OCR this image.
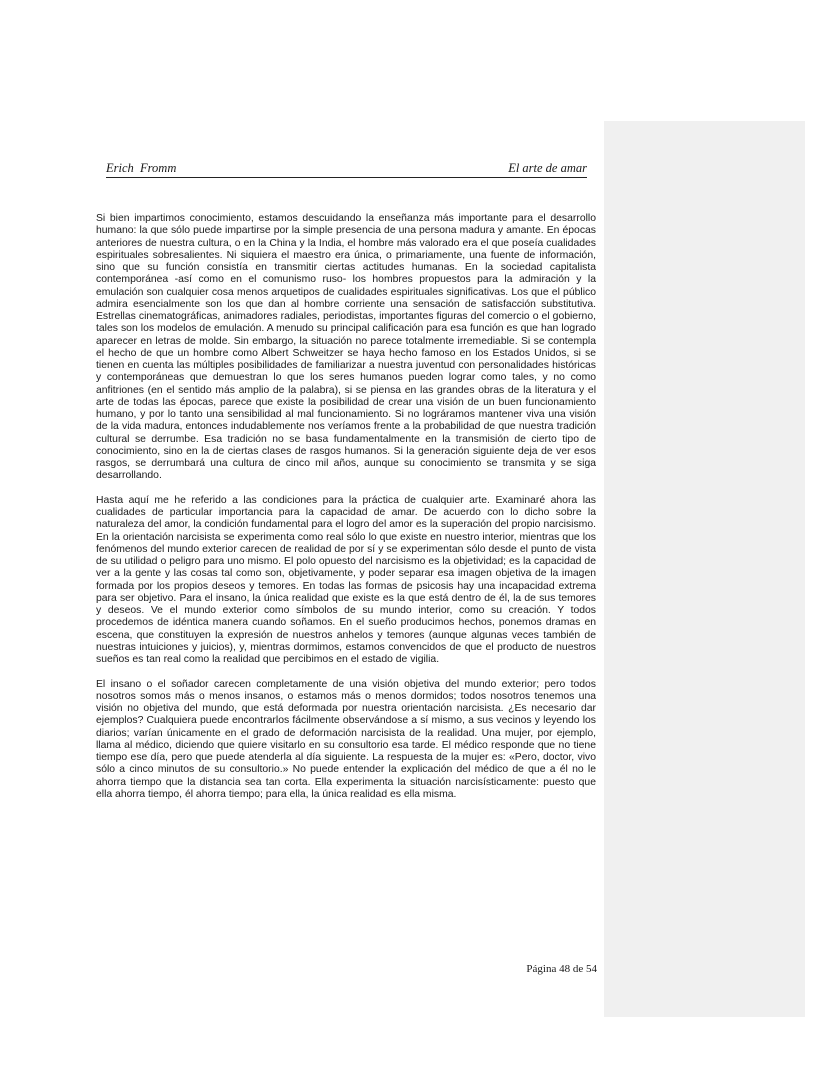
Erich  Fromm	El arte de amar

Si bien impartimos conocimiento, estamos descuidando la enseñanza más importante para el desarrollo humano: la que sólo puede impartirse por la simple presencia de una persona madura y amante. En épocas anteriores de nuestra cultura, o en la China y la India, el hombre más valorado era el que poseía cualidades espirituales sobresalientes. Ni siquiera el maestro era única, o primariamente, una fuente de información, sino que su función consistía en transmitir ciertas actitudes humanas. En la sociedad capitalista contemporánea -así como en el comunismo ruso- los hombres propuestos para la admiración y la emulación son cualquier cosa menos arquetipos de cualidades espirituales significativas. Los que el público admira esencialmente son los que dan al hombre corriente una sensación de satisfacción substitutiva. Estrellas cinematográficas, animadores radiales, periodistas, importantes figuras del comercio o el gobierno, tales son los modelos de emulación. A menudo su principal calificación para esa función es que han logrado aparecer en letras de molde. Sin embargo, la situación no parece totalmente irremediable. Si se contempla el hecho de que un hombre como Albert Schweitzer se haya hecho famoso en los Estados Unidos, si se tienen en cuenta las múltiples posibilidades de familiarizar a nuestra juventud con personalidades históricas y contemporáneas que demuestran lo que los seres humanos pueden lograr como tales, y no como anfitriones (en el sentido más amplio de la palabra), si se piensa en las grandes obras de la literatura y el arte de todas las épocas, parece que existe la posibilidad de crear una visión de un buen funcionamiento humano, y por lo tanto una sensibilidad al mal funcionamiento. Si no lográramos mantener viva una visión de la vida madura, entonces indudablemente nos veríamos frente a la probabilidad de que nuestra tradición cultural se derrumbe. Esa tradición no se basa fundamentalmente en la transmisión de cierto tipo de conocimiento, sino en la de ciertas clases de rasgos humanos. Si la generación siguiente deja de ver esos rasgos, se derrumbará una cultura de cinco mil años, aunque su conocimiento se transmita y se siga desarrollando.

Hasta aquí me he referido a las condiciones para la práctica de cualquier arte. Examinaré ahora las cualidades de particular importancia para la capacidad de amar. De acuerdo con lo dicho sobre la naturaleza del amor, la condición fundamental para el logro del amor es la superación del propio narcisismo. En la orientación narcisista se experimenta como real sólo lo que existe en nuestro interior, mientras que los fenómenos del mundo exterior carecen de realidad de por sí y se experimentan sólo desde el punto de vista de su utilidad o peligro para uno mismo. El polo opuesto del narcisismo es la objetividad; es la capacidad de ver a la gente y las cosas tal como son, objetivamente, y poder separar esa imagen objetiva de la imagen formada por los propios deseos y temores. En todas las formas de psicosis hay una incapacidad extrema para ser objetivo. Para el insano, la única realidad que existe es la que está dentro de él, la de sus temores y deseos. Ve el mundo exterior como símbolos de su mundo interior, como su creación. Y todos procedemos de idéntica manera cuando soñamos. En el sueño producimos hechos, ponemos dramas en escena, que constituyen la expresión de nuestros anhelos y temores (aunque algunas veces también de nuestras intuiciones y juicios), y, mientras dormimos, estamos convencidos de que el producto de nuestros sueños es tan real como la realidad que percibimos en el estado de vigilia.

El insano o el soñador carecen completamente de una visión objetiva del mundo exterior; pero todos nosotros somos más o menos insanos, o estamos más o menos dormidos; todos nosotros tenemos una visión no objetiva del mundo, que está deformada por nuestra orientación narcisista. ¿Es necesario dar ejemplos? Cualquiera puede encontrarlos fácilmente observándose a sí mismo, a sus vecinos y leyendo los diarios; varían únicamente en el grado de deformación narcisista de la realidad. Una mujer, por ejemplo, llama al médico, diciendo que quiere visitarlo en su consultorio esa tarde. El médico responde que no tiene tiempo ese día, pero que puede atenderla al día siguiente. La respuesta de la mujer es: «Pero, doctor, vivo sólo a cinco minutos de su consultorio.» No puede entender la explicación del médico de que a él no le ahorra tiempo que la distancia sea tan corta. Ella experimenta la situación narcisísticamente: puesto que ella ahorra tiempo, él ahorra tiempo; para ella, la única realidad es ella misma.

Página 48 de 54
